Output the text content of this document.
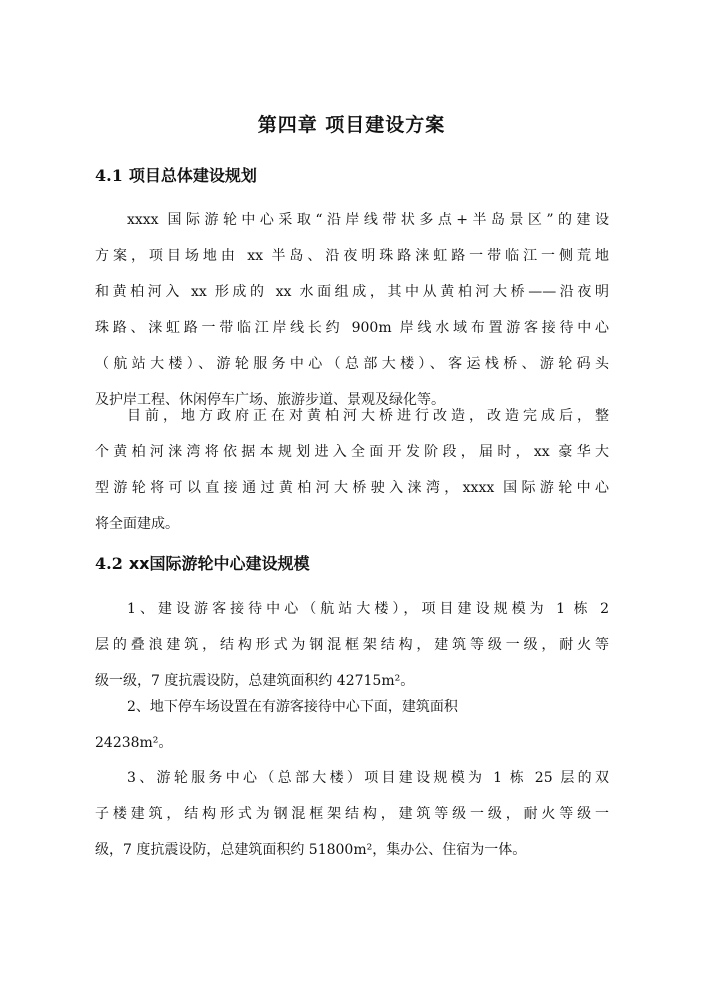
第四章 项目建设方案
4.1 项目总体建设规划
xxxx 国际游轮中心采取“沿岸线带状多点+半岛景区”的建设
方案，项目场地由 xx 半岛、沿夜明珠路涞虹路一带临江一侧荒地
和黄柏河入 xx 形成的 xx 水面组成，其中从黄柏河大桥——沿夜明
珠路、涞虹路一带临江岸线长约 900m 岸线水域布置游客接待中心
（航站大楼）、游轮服务中心（总部大楼）、客运栈桥、游轮码头
及护岸工程、休闲停车广场、旅游步道、景观及绿化等。
目前，地方政府正在对黄柏河大桥进行改造，改造完成后，整
个黄柏河涞湾将依据本规划进入全面开发阶段，届时，xx 豪华大
型游轮将可以直接通过黄柏河大桥驶入涞湾，xxxx 国际游轮中心
将全面建成。
4.2 xx国际游轮中心建设规模
1、建设游客接待中心（航站大楼），项目建设规模为 1 栋 2
层的叠浪建筑，结构形式为钢混框架结构，建筑等级一级，耐火等
级一级，7 度抗震设防，总建筑面积约 42715m²。
2、地下停车场设置在有游客接待中心下面，建筑面积
24238m²。
3、游轮服务中心（总部大楼）项目建设规模为 1 栋 25 层的双
子楼建筑，结构形式为钢混框架结构，建筑等级一级，耐火等级一
级，7 度抗震设防，总建筑面积约 51800m²，集办公、住宿为一体。
